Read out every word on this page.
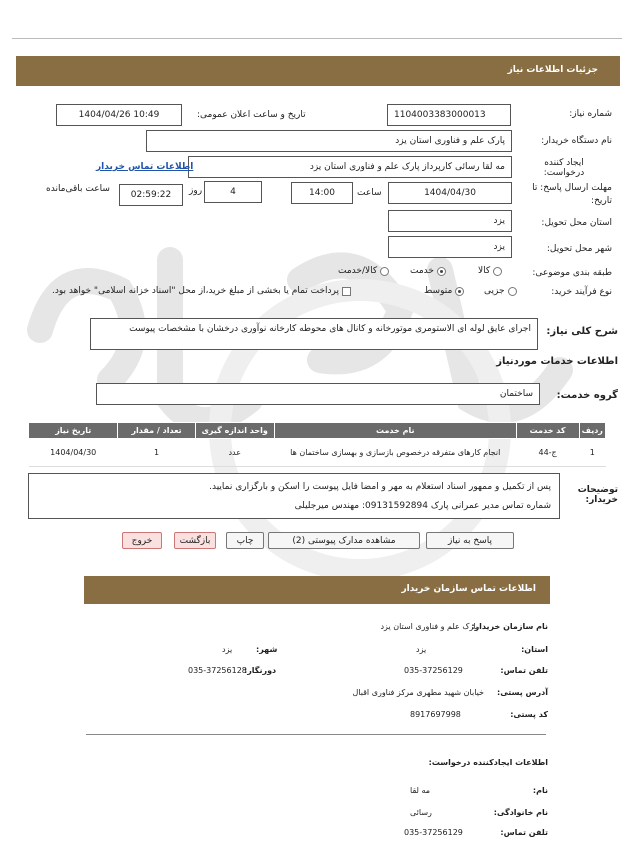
جزئیات اطلاعات نیاز
شماره نیاز:
1104003383000013
تاریخ و ساعت اعلان عمومی:
1404/04/26 10:49
نام دستگاه خریدار:
پارک علم و فناوری استان یزد
ایجاد کننده درخواست:
مه لقا رسائی کارپرداز پارک علم و فناوری استان یزد
اطلاعات تماس خریدار
مهلت ارسال پاسخ: تا
تاریخ:
1404/04/30
ساعت
14:00
4
روز
02:59:22
ساعت باقی‌مانده
استان محل تحویل:
یزد
شهر محل تحویل:
یزد
طبقه بندی موضوعی:
کالا
خدمت
کالا/خدمت
نوع فرآیند خرید:
جزیی
متوسط
پرداخت تمام یا بخشی از مبلغ خرید،از محل "اسناد خزانه اسلامی" خواهد بود.
شرح کلی نیاز:
اجرای عایق لوله ای الاستومری موتورخانه و کانال های محوطه کارخانه نوآوری درخشان با مشخصات پیوست
اطلاعات خدمات موردنیاز
گروه خدمت:
ساختمان
ردیف	کد خدمت	نام خدمت	واحد اندازه گیری	تعداد / مقدار	تاریخ نیاز
1	ج-44	انجام کارهای متفرقه درخصوص بازسازی و بهسازی ساختمان ها	عدد	1	1404/04/30
توضیحات خریدار:
پس از تکمیل و ممهور اسناد استعلام به مهر و امضا فایل پیوست را اسکن و بارگزاری نمایید.
شماره تماس مدیر عمرانی پارک 09131592894: مهندس میرجلیلی
پاسخ به نیاز
مشاهده مدارک پیوستی (2)
چاپ
بازگشت
خروج
اطلاعات تماس سازمان خریدار
نام سازمان خریدار:
پارک علم و فناوری استان یزد
استان:
یزد
شهر:
یزد
تلفن تماس:
035-37256129
دورنگار:
035-37256128
آدرس پستی:
خیابان شهید مطهری مرکز فناوری اقبال
کد پستی:
8917697998
اطلاعات ایجادکننده درخواست:
نام:
مه لقا
نام خانوادگی:
رسائی
تلفن تماس:
035-37256129
